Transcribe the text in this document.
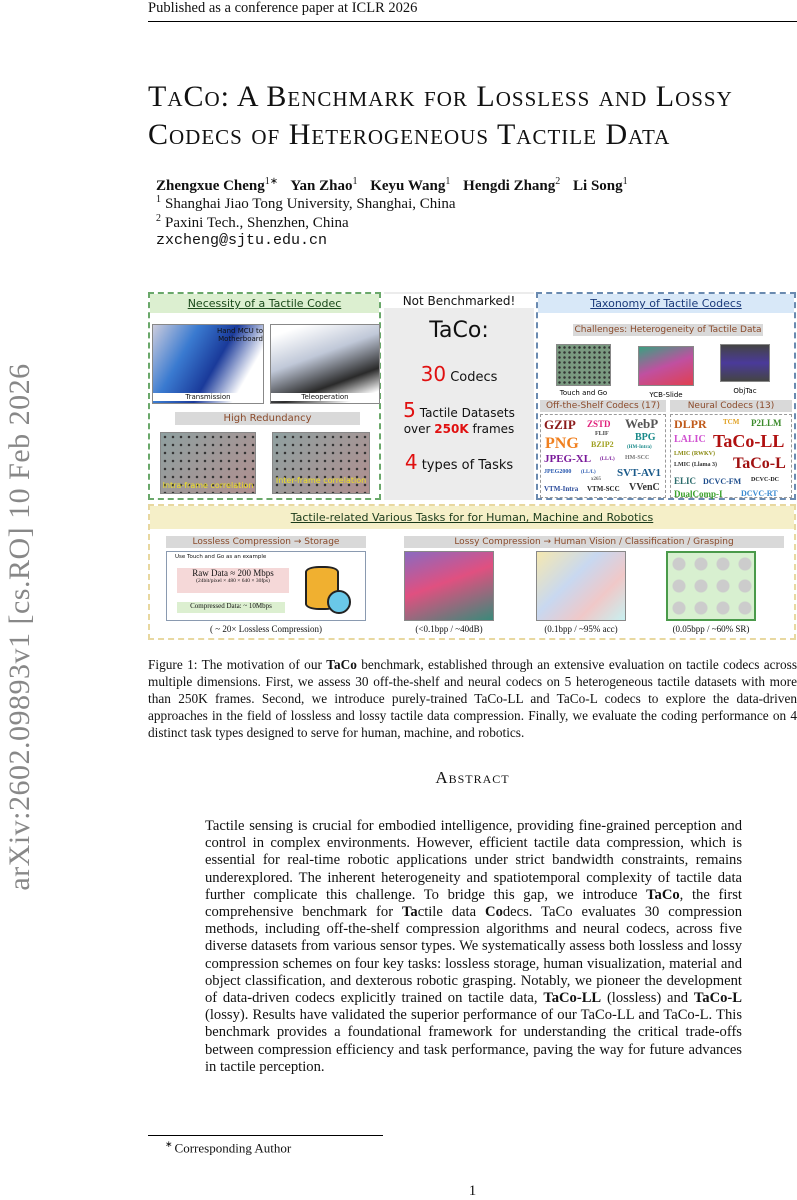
Published as a conference paper at ICLR 2026
arXiv:2602.09893v1 [cs.RO] 10 Feb 2026
TaCo: A Benchmark for Lossless and Lossy
Codecs of Heterogeneous Tactile Data
Zhengxue Cheng$^{1∗}$ Yan Zhao$^1$ Keyu Wang$^1$ Hengdi Zhang$^2$ Li Song$^1$
$^1$ Shanghai Jiao Tong University, Shanghai, China
$^2$ Paxini Tech., Shenzhen, China
zxcheng@sjtu.edu.cn
Necessity of a Tactile Codec
Hand MCU to Motherboard
Transmission	Teleoperation
High Redundancy
Intra-frame correlation
Inter-frame correlation
Not Benchmarked!
TaCo:
30 Codecs
5 Tactile Datasets
over 250K frames
4 types of Tasks
Taxonomy of Tactile Codecs
Challenges: Heterogeneity of Tactile Data
Touch and Go	YCB-Slide	ObjTac
Off-the-Shelf Codecs (17)	Neural Codecs (13)
GZIP ZSTD WebP
FLIF
PNG	BPG
BZIP2	(HM-Intra)
JPEG-XL (LL/L) HM-SCC
JPEG2000 (LL/L)
x265
SVT-AV1
VTM-Intra VTM-SCC VVenC
DLPR TCM P2LLM
LALIC TaCo-LL
LMIC (RWKV)
LMIC (Llama 3) TaCo-L
ELIC DCVC-FM DCVC-DC
DualComp-I DCVC-RT
Tactile-related Various Tasks for for Human, Machine and Robotics
Lossless Compression → Storage
Use Touch and Go as an example
Raw Data ≈ 200 Mbps
(24bit/pixel × 480 × 640 × 30fps)
Compressed Data: ~ 10Mbps
( ~ 20× Lossless Compression)
Lossy Compression → Human Vision / Classification / Grasping
(<0.1bpp / ~40dB)	(0.1bpp / ~95% acc)	(0.05bpp / ~60% SR)
Figure 1: The motivation of our TaCo benchmark, established through an extensive evaluation on tactile codecs across multiple dimensions. First, we assess 30 off-the-shelf and neural codecs on 5 heterogeneous tactile datasets with more than 250K frames. Second, we introduce purely-trained TaCo-LL and TaCo-L codecs to explore the data-driven approaches in the field of lossless and lossy tactile data compression. Finally, we evaluate the coding performance on 4 distinct task types designed to serve for human, machine, and robotics.
Abstract
Tactile sensing is crucial for embodied intelligence, providing fine-grained perception and control in complex environments. However, efficient tactile data compression, which is essential for real-time robotic applications under strict bandwidth constraints, remains underexplored. The inherent heterogeneity and spatiotemporal complexity of tactile data further complicate this challenge. To bridge this gap, we introduce TaCo, the first comprehensive benchmark for Tactile data Codecs. TaCo evaluates 30 compression methods, including off-the-shelf compression algorithms and neural codecs, across five diverse datasets from various sensor types. We systematically assess both lossless and lossy compression schemes on four key tasks: lossless storage, human visualization, material and object classification, and dexterous robotic grasping. Notably, we pioneer the development of data-driven codecs explicitly trained on tactile data, TaCo-LL (lossless) and TaCo-L (lossy). Results have validated the superior performance of our TaCo-LL and TaCo-L. This benchmark provides a foundational framework for understanding the critical trade-offs between compression efficiency and task performance, paving the way for future advances in tactile perception.
∗ Corresponding Author
1
